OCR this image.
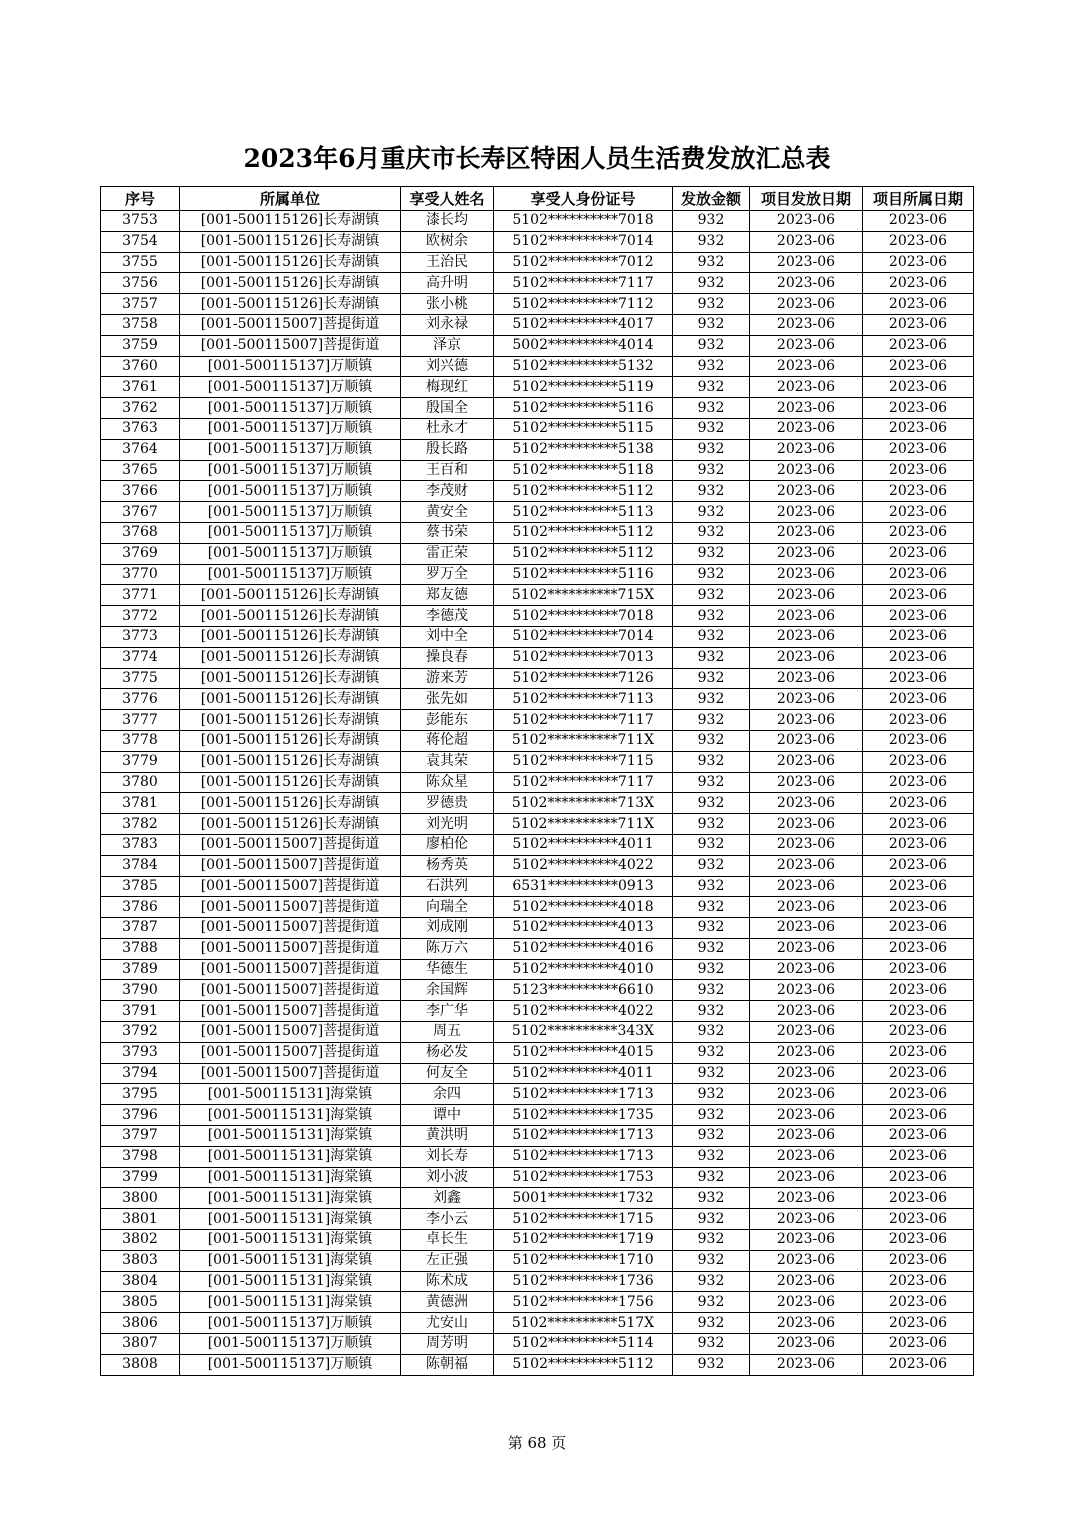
2023年6月重庆市长寿区特困人员生活费发放汇总表
序号	所属单位	享受人姓名	享受人身份证号	发放金额	项目发放日期	项目所属日期
3753	[001-500115126]长寿湖镇	漆长均	5102**********7018	932	2023-06	2023-06
3754	[001-500115126]长寿湖镇	欧树余	5102**********7014	932	2023-06	2023-06
3755	[001-500115126]长寿湖镇	王治民	5102**********7012	932	2023-06	2023-06
3756	[001-500115126]长寿湖镇	高升明	5102**********7117	932	2023-06	2023-06
3757	[001-500115126]长寿湖镇	张小桃	5102**********7112	932	2023-06	2023-06
3758	[001-500115007]菩提街道	刘永禄	5102**********4017	932	2023-06	2023-06
3759	[001-500115007]菩提街道	泽京	5002**********4014	932	2023-06	2023-06
3760	[001-500115137]万顺镇	刘兴德	5102**********5132	932	2023-06	2023-06
3761	[001-500115137]万顺镇	梅现红	5102**********5119	932	2023-06	2023-06
3762	[001-500115137]万顺镇	殷国全	5102**********5116	932	2023-06	2023-06
3763	[001-500115137]万顺镇	杜永才	5102**********5115	932	2023-06	2023-06
3764	[001-500115137]万顺镇	殷长路	5102**********5138	932	2023-06	2023-06
3765	[001-500115137]万顺镇	王百和	5102**********5118	932	2023-06	2023-06
3766	[001-500115137]万顺镇	李茂财	5102**********5112	932	2023-06	2023-06
3767	[001-500115137]万顺镇	黄安全	5102**********5113	932	2023-06	2023-06
3768	[001-500115137]万顺镇	蔡书荣	5102**********5112	932	2023-06	2023-06
3769	[001-500115137]万顺镇	雷正荣	5102**********5112	932	2023-06	2023-06
3770	[001-500115137]万顺镇	罗万全	5102**********5116	932	2023-06	2023-06
3771	[001-500115126]长寿湖镇	郑友德	5102**********715X	932	2023-06	2023-06
3772	[001-500115126]长寿湖镇	李德茂	5102**********7018	932	2023-06	2023-06
3773	[001-500115126]长寿湖镇	刘中全	5102**********7014	932	2023-06	2023-06
3774	[001-500115126]长寿湖镇	操良春	5102**********7013	932	2023-06	2023-06
3775	[001-500115126]长寿湖镇	游来芳	5102**********7126	932	2023-06	2023-06
3776	[001-500115126]长寿湖镇	张先如	5102**********7113	932	2023-06	2023-06
3777	[001-500115126]长寿湖镇	彭能东	5102**********7117	932	2023-06	2023-06
3778	[001-500115126]长寿湖镇	蒋伦超	5102**********711X	932	2023-06	2023-06
3779	[001-500115126]长寿湖镇	袁其荣	5102**********7115	932	2023-06	2023-06
3780	[001-500115126]长寿湖镇	陈众星	5102**********7117	932	2023-06	2023-06
3781	[001-500115126]长寿湖镇	罗德贵	5102**********713X	932	2023-06	2023-06
3782	[001-500115126]长寿湖镇	刘光明	5102**********711X	932	2023-06	2023-06
3783	[001-500115007]菩提街道	廖柏伦	5102**********4011	932	2023-06	2023-06
3784	[001-500115007]菩提街道	杨秀英	5102**********4022	932	2023-06	2023-06
3785	[001-500115007]菩提街道	石洪列	6531**********0913	932	2023-06	2023-06
3786	[001-500115007]菩提街道	向瑞全	5102**********4018	932	2023-06	2023-06
3787	[001-500115007]菩提街道	刘成刚	5102**********4013	932	2023-06	2023-06
3788	[001-500115007]菩提街道	陈万六	5102**********4016	932	2023-06	2023-06
3789	[001-500115007]菩提街道	华德生	5102**********4010	932	2023-06	2023-06
3790	[001-500115007]菩提街道	余国辉	5123**********6610	932	2023-06	2023-06
3791	[001-500115007]菩提街道	李广华	5102**********4022	932	2023-06	2023-06
3792	[001-500115007]菩提街道	周五	5102**********343X	932	2023-06	2023-06
3793	[001-500115007]菩提街道	杨必发	5102**********4015	932	2023-06	2023-06
3794	[001-500115007]菩提街道	何友全	5102**********4011	932	2023-06	2023-06
3795	[001-500115131]海棠镇	余四	5102**********1713	932	2023-06	2023-06
3796	[001-500115131]海棠镇	谭中	5102**********1735	932	2023-06	2023-06
3797	[001-500115131]海棠镇	黄洪明	5102**********1713	932	2023-06	2023-06
3798	[001-500115131]海棠镇	刘长寿	5102**********1713	932	2023-06	2023-06
3799	[001-500115131]海棠镇	刘小波	5102**********1753	932	2023-06	2023-06
3800	[001-500115131]海棠镇	刘鑫	5001**********1732	932	2023-06	2023-06
3801	[001-500115131]海棠镇	李小云	5102**********1715	932	2023-06	2023-06
3802	[001-500115131]海棠镇	卓长生	5102**********1719	932	2023-06	2023-06
3803	[001-500115131]海棠镇	左正强	5102**********1710	932	2023-06	2023-06
3804	[001-500115131]海棠镇	陈术成	5102**********1736	932	2023-06	2023-06
3805	[001-500115131]海棠镇	黄德洲	5102**********1756	932	2023-06	2023-06
3806	[001-500115137]万顺镇	尤安山	5102**********517X	932	2023-06	2023-06
3807	[001-500115137]万顺镇	周芳明	5102**********5114	932	2023-06	2023-06
3808	[001-500115137]万顺镇	陈朝福	5102**********5112	932	2023-06	2023-06
第 68 页
